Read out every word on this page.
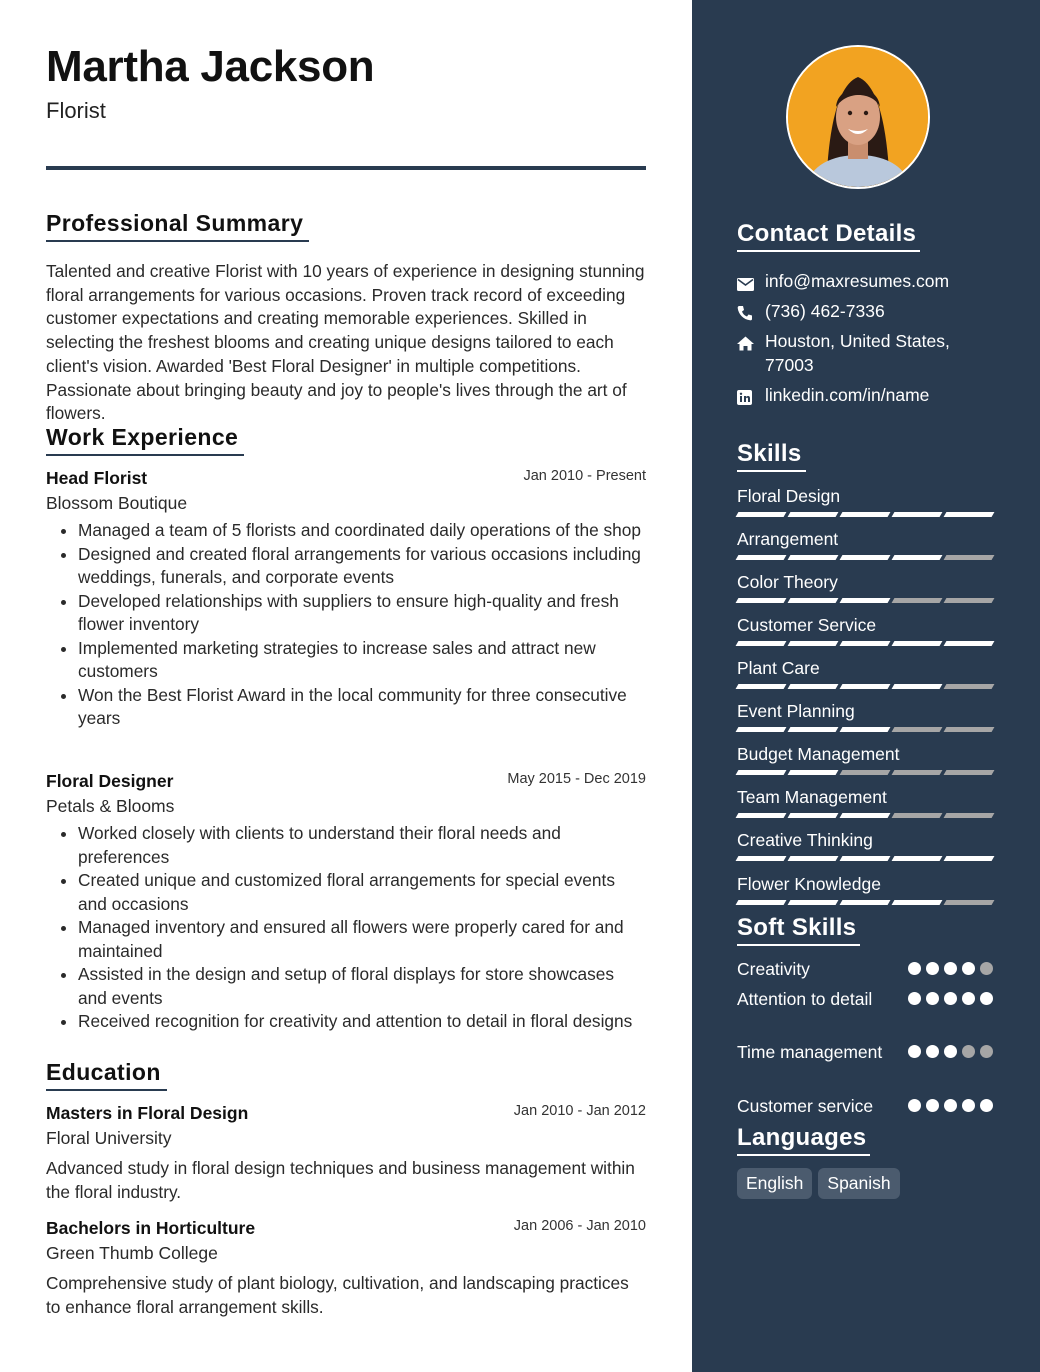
Martha Jackson
Florist
Professional Summary
Talented and creative Florist with 10 years of experience in designing stunning floral arrangements for various occasions. Proven track record of exceeding customer expectations and creating memorable experiences. Skilled in selecting the freshest blooms and creating unique designs tailored to each client's vision. Awarded 'Best Floral Designer' in multiple competitions. Passionate about bringing beauty and joy to people's lives through the art of flowers.
Work Experience
Head Florist	Jan 2010 - Present
Blossom Boutique
• Managed a team of 5 florists and coordinated daily operations of the shop
• Designed and created floral arrangements for various occasions including weddings, funerals, and corporate events
• Developed relationships with suppliers to ensure high-quality and fresh flower inventory
• Implemented marketing strategies to increase sales and attract new customers
• Won the Best Florist Award in the local community for three consecutive years
Floral Designer	May 2015 - Dec 2019
Petals & Blooms
• Worked closely with clients to understand their floral needs and preferences
• Created unique and customized floral arrangements for special events and occasions
• Managed inventory and ensured all flowers were properly cared for and maintained
• Assisted in the design and setup of floral displays for store showcases and events
• Received recognition for creativity and attention to detail in floral designs
Education
Masters in Floral Design	Jan 2010 - Jan 2012
Floral University
Advanced study in floral design techniques and business management within the floral industry.
Bachelors in Horticulture	Jan 2006 - Jan 2010
Green Thumb College
Comprehensive study of plant biology, cultivation, and landscaping practices to enhance floral arrangement skills.
Contact Details
info@maxresumes.com
(736) 462-7336
Houston, United States, 77003
linkedin.com/in/name
Skills
Floral Design
Arrangement
Color Theory
Customer Service
Plant Care
Event Planning
Budget Management
Team Management
Creative Thinking
Flower Knowledge
Soft Skills
Creativity
Attention to detail
Time management
Customer service
Languages
English	Spanish
